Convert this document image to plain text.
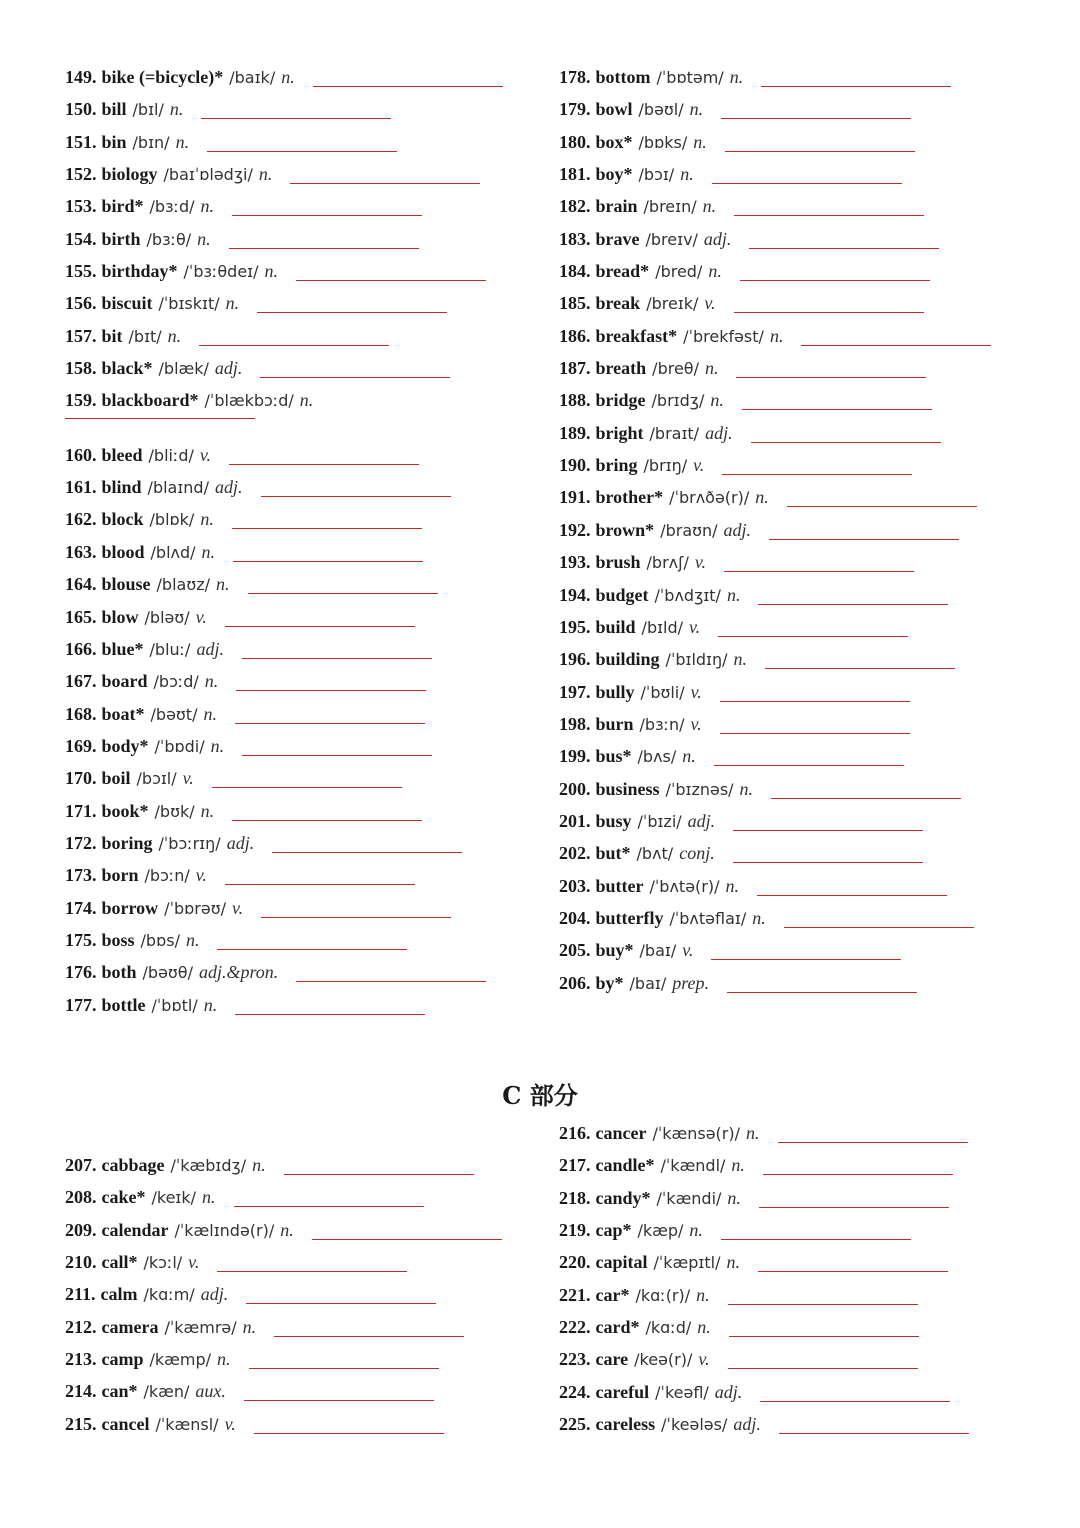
149. bike (=bicycle)* /baɪk/ n.
150. bill /bɪl/ n.
151. bin /bɪn/ n.
152. biology /baɪˈɒlədʒi/ n.
153. bird* /bɜːd/ n.
154. birth /bɜːθ/ n.
155. birthday* /ˈbɜːθdeɪ/ n.
156. biscuit /ˈbɪskɪt/ n.
157. bit /bɪt/ n.
158. black* /blæk/ adj.
159. blackboard* /ˈblækbɔːd/ n.
160. bleed /bliːd/ v.
161. blind /blaɪnd/ adj.
162. block /blɒk/ n.
163. blood /blʌd/ n.
164. blouse /blaʊz/ n.
165. blow /bləʊ/ v.
166. blue* /bluː/ adj.
167. board /bɔːd/ n.
168. boat* /bəʊt/ n.
169. body* /ˈbɒdi/ n.
170. boil /bɔɪl/ v.
171. book* /bʊk/ n.
172. boring /ˈbɔːrɪŋ/ adj.
173. born /bɔːn/ v.
174. borrow /ˈbɒrəʊ/ v.
175. boss /bɒs/ n.
176. both /bəʊθ/ adj.&pron.
177. bottle /ˈbɒtl/ n.
178. bottom /ˈbɒtəm/ n.
179. bowl /bəʊl/ n.
180. box* /bɒks/ n.
181. boy* /bɔɪ/ n.
182. brain /breɪn/ n.
183. brave /breɪv/ adj.
184. bread* /bred/ n.
185. break /breɪk/ v.
186. breakfast* /ˈbrekfəst/ n.
187. breath /breθ/ n.
188. bridge /brɪdʒ/ n.
189. bright /braɪt/ adj.
190. bring /brɪŋ/ v.
191. brother* /ˈbrʌðə(r)/ n.
192. brown* /braʊn/ adj.
193. brush /brʌʃ/ v.
194. budget /ˈbʌdʒɪt/ n.
195. build /bɪld/ v.
196. building /ˈbɪldɪŋ/ n.
197. bully /ˈbʊli/ v.
198. burn /bɜːn/ v.
199. bus* /bʌs/ n.
200. business /ˈbɪznəs/ n.
201. busy /ˈbɪzi/ adj.
202. but* /bʌt/ conj.
203. butter /ˈbʌtə(r)/ n.
204. butterfly /ˈbʌtəflaɪ/ n.
205. buy* /baɪ/ v.
206. by* /baɪ/ prep.
C 部分
207. cabbage /ˈkæbɪdʒ/ n.
208. cake* /keɪk/ n.
209. calendar /ˈkælɪndə(r)/ n.
210. call* /kɔːl/ v.
211. calm /kɑːm/ adj.
212. camera /ˈkæmrə/ n.
213. camp /kæmp/ n.
214. can* /kæn/ aux.
215. cancel /ˈkænsl/ v.
216. cancer /ˈkænsə(r)/ n.
217. candle* /ˈkændl/ n.
218. candy* /ˈkændi/ n.
219. cap* /kæp/ n.
220. capital /ˈkæpɪtl/ n.
221. car* /kɑː(r)/ n.
222. card* /kɑːd/ n.
223. care /keə(r)/ v.
224. careful /ˈkeəfl/ adj.
225. careless /ˈkeələs/ adj.
